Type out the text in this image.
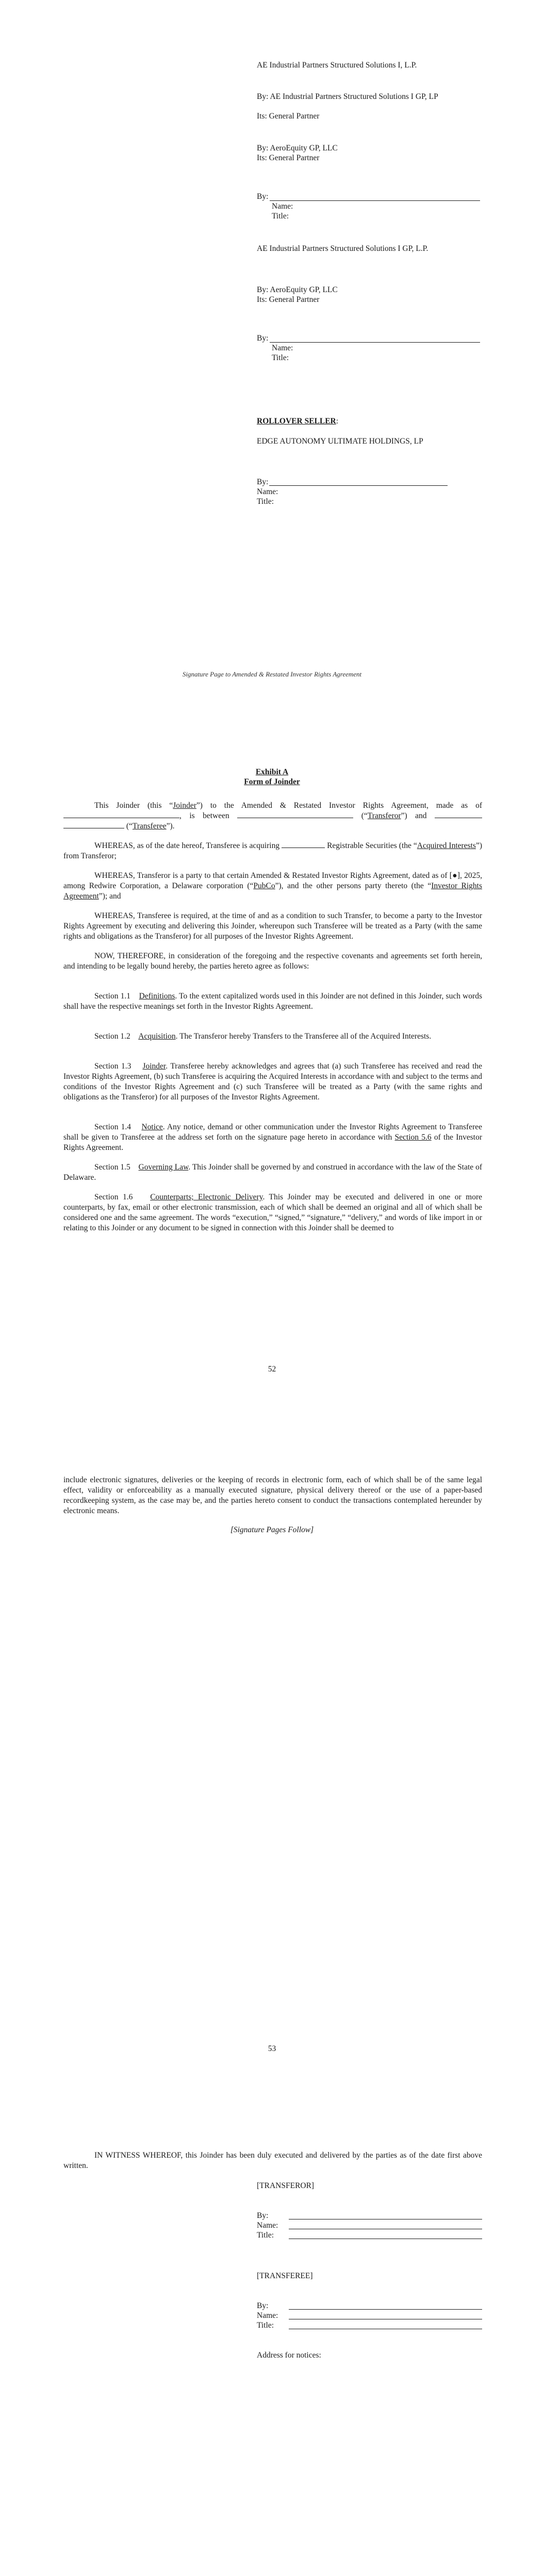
AE Industrial Partners Structured Solutions I, L.P.

By: AE Industrial Partners Structured Solutions I GP, LP

Its: General Partner

By: AeroEquity GP, LLC

Its: General Partner

By:

Name:

Title:

AE Industrial Partners Structured Solutions I GP, L.P.

By: AeroEquity GP, LLC

Its: General Partner

By:

Name:

Title:

ROLLOVER SELLER:

EDGE AUTONOMY ULTIMATE HOLDINGS, LP

By:

Name:

Title:

Signature Page to Amended & Restated Investor Rights Agreement

Exhibit A

Form of Joinder

This Joinder (this “Joinder”) to the Amended & Restated Investor Rights Agreement, made as of , is between	(“Transferor”) and   (“Transferee”).

WHEREAS, as of the date hereof, Transferee is acquiring	Registrable Securities (the “Acquired Interests”) from Transferor;

WHEREAS, Transferor is a party to that certain Amended & Restated Investor Rights Agreement, dated as of [●], 2025, among Redwire Corporation, a Delaware corporation (“PubCo”), and the other persons party thereto (the “Investor Rights Agreement”); and

WHEREAS, Transferee is required, at the time of and as a condition to such Transfer, to become a party to the Investor Rights Agreement by executing and delivering this Joinder, whereupon such Transferee will be treated as a Party (with the same rights and obligations as the Transferor) for all purposes of the Investor Rights Agreement.

NOW, THEREFORE, in consideration of the foregoing and the respective covenants and agreements set forth herein, and intending to be legally bound hereby, the parties hereto agree as follows:

Section 1.1 Definitions. To the extent capitalized words used in this Joinder are not defined in this Joinder, such words shall have the respective meanings set forth in the Investor Rights Agreement.

Section 1.2 Acquisition. The Transferor hereby Transfers to the Transferee all of the Acquired Interests.

Section 1.3 Joinder. Transferee hereby acknowledges and agrees that (a) such Transferee has received and read the Investor Rights Agreement, (b) such Transferee is acquiring the Acquired Interests in accordance with and subject to the terms and conditions of the Investor Rights Agreement and (c) such Transferee will be treated as a Party (with the same rights and obligations as the Transferor) for all purposes of the Investor Rights Agreement.

Section 1.4 Notice. Any notice, demand or other communication under the Investor Rights Agreement to Transferee shall be given to Transferee at the address set forth on the signature page hereto in accordance with Section 5.6 of the Investor Rights Agreement.

Section 1.5 Governing Law. This Joinder shall be governed by and construed in accordance with the law of the State of Delaware.

Section 1.6 Counterparts; Electronic Delivery. This Joinder may be executed and delivered in one or more counterparts, by fax, email or other electronic transmission, each of which shall be deemed an original and all of which shall be considered one and the same agreement. The words “execution,” “signed,” “signature,” “delivery,” and words of like import in or relating to this Joinder or any document to be signed in connection with this Joinder shall be deemed to

52

include electronic signatures, deliveries or the keeping of records in electronic form, each of which shall be of the same legal effect, validity or enforceability as a manually executed signature, physical delivery thereof or the use of a paper-based recordkeeping system, as the case may be, and the parties hereto consent to conduct the transactions contemplated hereunder by electronic means.

[Signature Pages Follow]

53

IN WITNESS WHEREOF, this Joinder has been duly executed and delivered by the parties as of the date first above written.

[TRANSFEROR]

By:

Name:

Title:

[TRANSFEREE]

By:

Name:

Title:

Address for notices:
